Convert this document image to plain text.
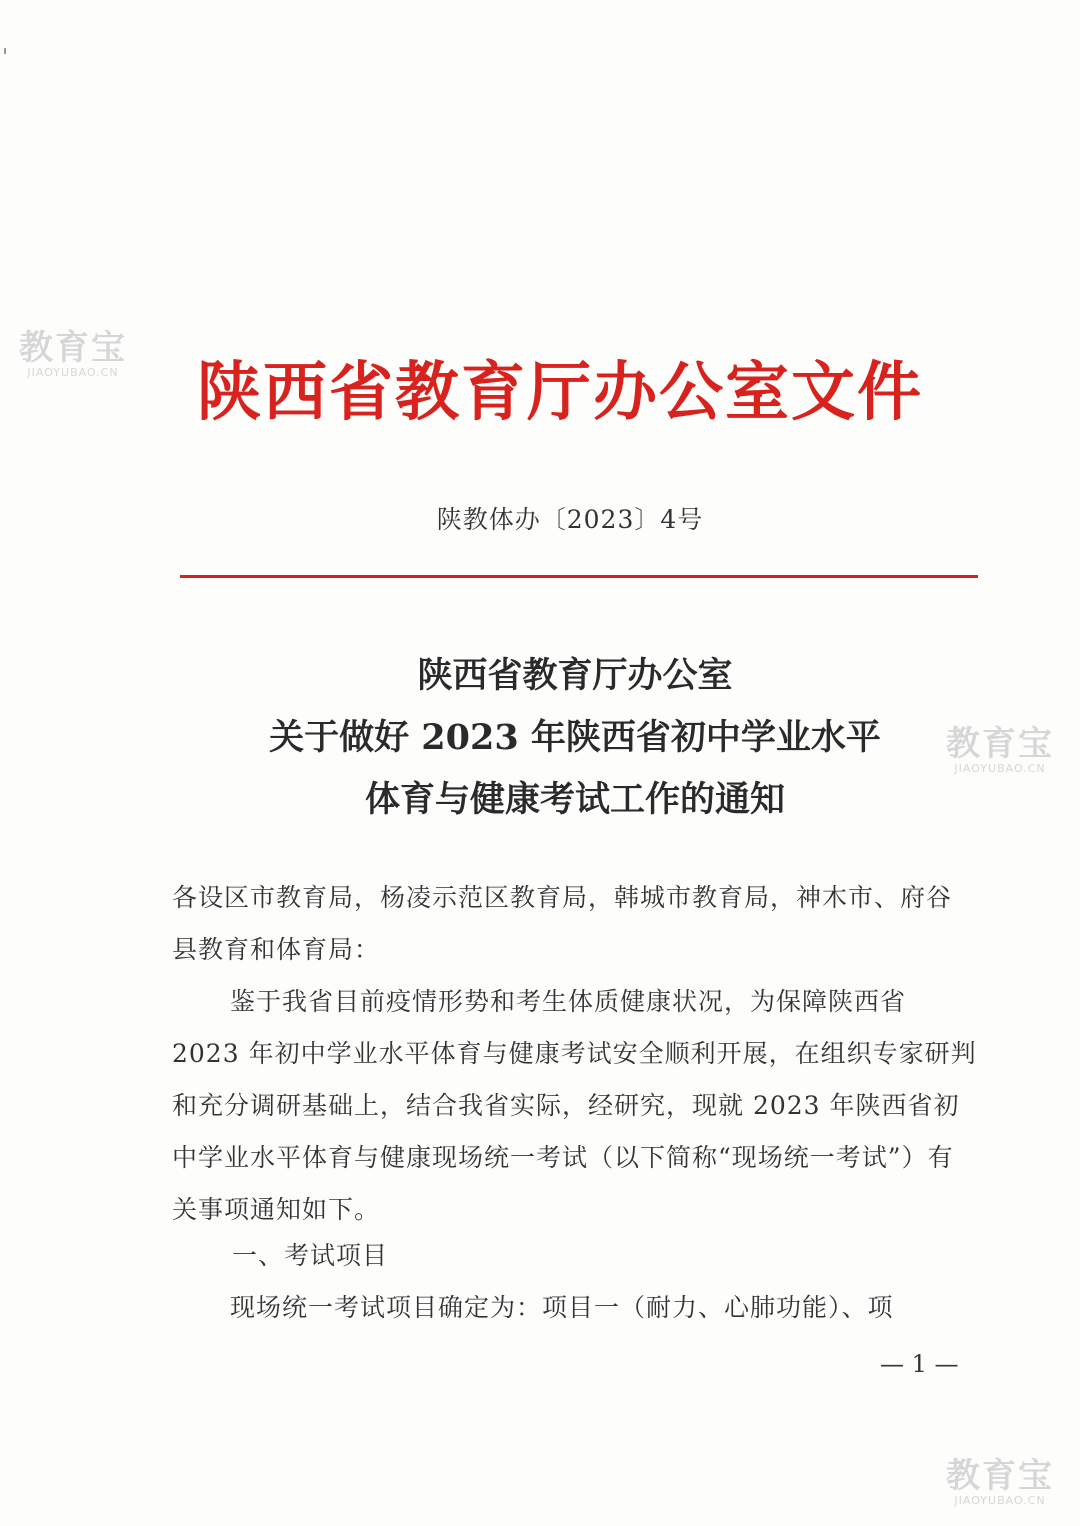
陕西省教育厅办公室文件
陕教体办〔2023〕4号
陕西省教育厅办公室
关于做好 2023 年陕西省初中学业水平
体育与健康考试工作的通知
各设区市教育局，杨凌示范区教育局，韩城市教育局，神木市、府谷县教育和体育局：
鉴于我省目前疫情形势和考生体质健康状况，为保障陕西省 2023 年初中学业水平体育与健康考试安全顺利开展，在组织专家研判和充分调研基础上，结合我省实际，经研究，现就 2023 年陕西省初中学业水平体育与健康现场统一考试（以下简称“现场统一考试”）有关事项通知如下。
一、考试项目
现场统一考试项目确定为：项目一（耐力、心肺功能）、项
— 1 —
教育宝
JIAOYUBAO.CN
教育宝
JIAOYUBAO.CN
教育宝
JIAOYUBAO.CN
